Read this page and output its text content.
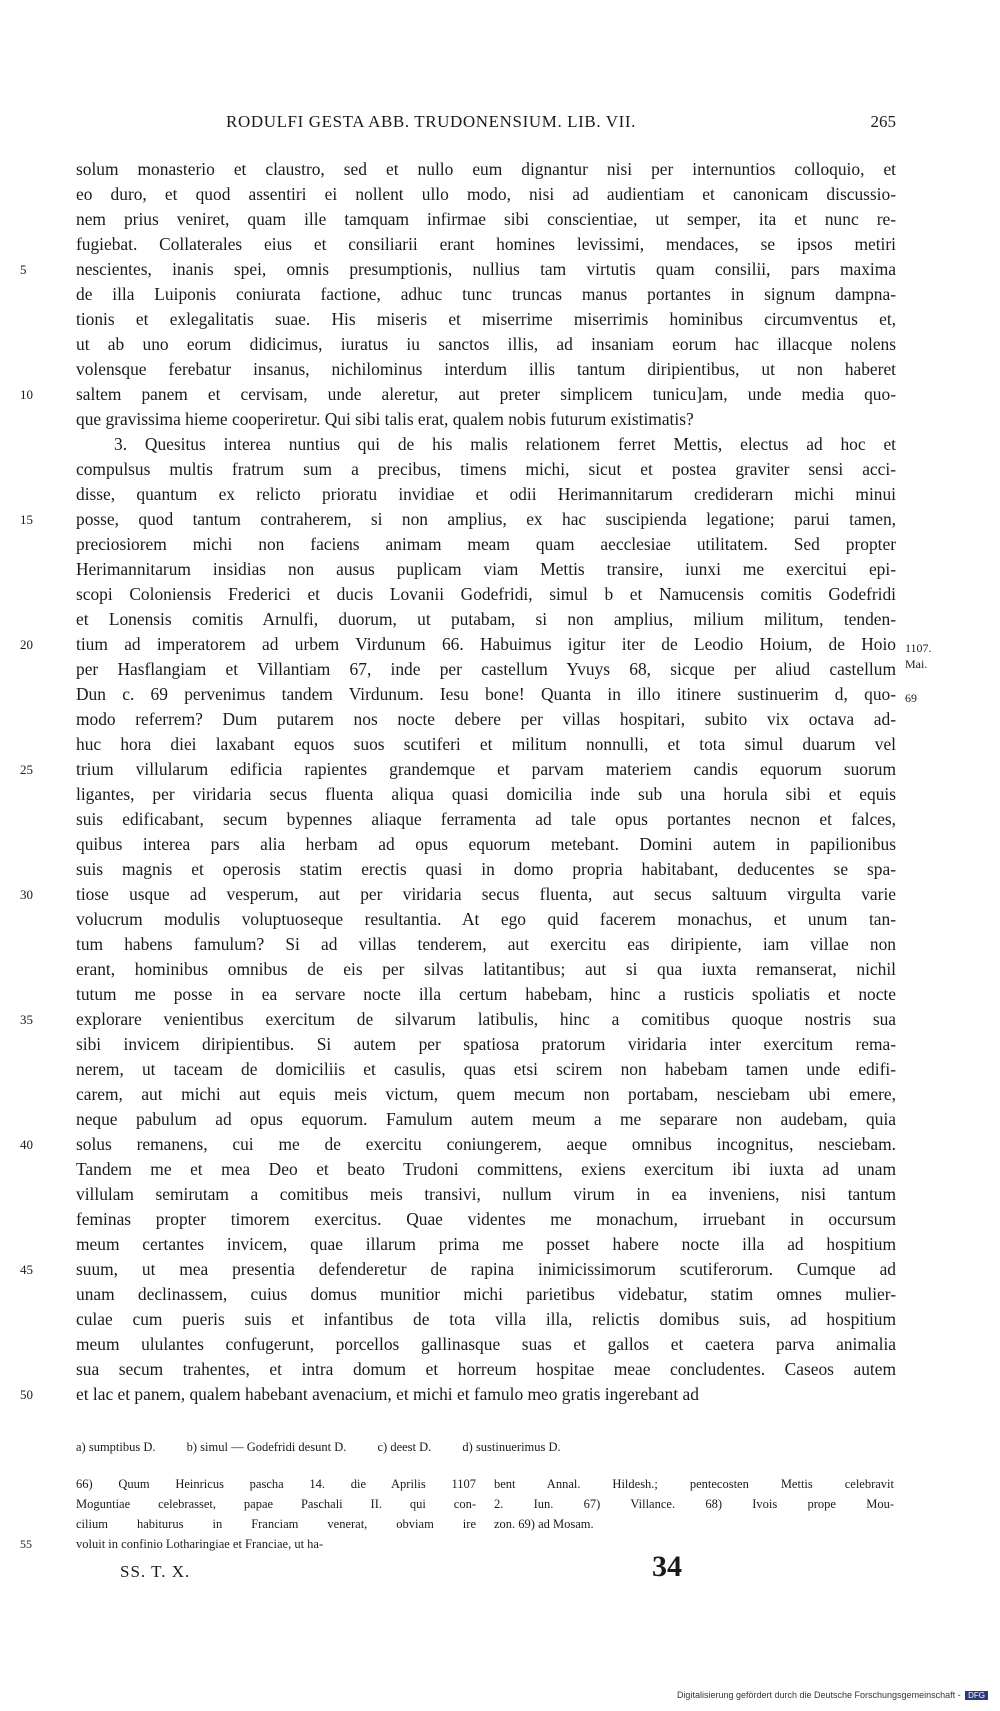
RODULFI GESTA ABB. TRUDONENSIUM. LIB. VII.	265
solum monasterio et claustro, sed et nullo eum dignantur nisi per internuntios colloquio, et
eo duro, et quod assentiri ei nollent ullo modo, nisi ad audientiam et canonicam discussio-
nem prius veniret, quam ille tamquam infirmae sibi conscientiae, ut semper, ita et nunc re-
fugiebat. Collaterales eius et consiliarii erant homines levissimi, mendaces, se ipsos metiri
5	nescientes, inanis spei, omnis presumptionis, nullius tam virtutis quam consilii, pars maxima
de illa Luiponis coniurata factione, adhuc tunc truncas manus portantes in signum dampna-
tionis et exlegalitatis suae. His miseris et miserrime miserrimis hominibus circumventus et,
ut ab uno eorum didicimus, iuratus iu sanctos illis, ad insaniam eorum hac illacque nolens
volensque ferebatur insanus, nichilominus interdum illis tantum diripientibus, ut non haberet
10	saltem panem et cervisam, unde aleretur, aut preter simplicem tunicu]am, unde media quo-
que gravissima hieme cooperiretur. Qui sibi talis erat, qualem nobis futurum existimatis?
3. Quesitus interea nuntius qui de his malis relationem ferret Mettis, electus ad hoc et
compulsus multis fratrum sum a precibus, timens michi, sicut et postea graviter sensi acci-
disse, quantum ex relicto prioratu invidiae et odii Herimannitarum crediderarn michi minui
15	posse, quod tantum contraherem, si non amplius, ex hac suscipienda legatione; parui tamen,
preciosiorem michi non faciens animam meam quam aecclesiae utilitatem. Sed propter
Herimannitarum insidias non ausus puplicam viam Mettis transire, iunxi me exercitui epi-
scopi Coloniensis Frederici et ducis Lovanii Godefridi, simul b et Namucensis comitis Godefridi
et Lonensis comitis Arnulfi, duorum, ut putabam, si non amplius, milium militum, tenden-
20	tium ad imperatorem ad urbem Virdunum 66. Habuimus igitur iter de Leodio Hoium, de Hoio
per Hasflangiam et Villantiam 67, inde per castellum Yvuys 68, sicque per aliud castellum
Dun c. 69 pervenimus tandem Virdunum. Iesu bone! Quanta in illo itinere sustinuerim d, quo-
modo referrem? Dum putarem nos nocte debere per villas hospitari, subito vix octava ad-
huc hora diei laxabant equos suos scutiferi et militum nonnulli, et tota simul duarum vel
25	trium villularum edificia rapientes grandemque et parvam materiem candis equorum suorum
ligantes, per viridaria secus fluenta aliqua quasi domicilia inde sub una horula sibi et equis
suis edificabant, secum bypennes aliaque ferramenta ad tale opus portantes necnon et falces,
quibus interea pars alia herbam ad opus equorum metebant. Domini autem in papilionibus
suis magnis et operosis statim erectis quasi in domo propria habitabant, deducentes se spa-
30	tiose usque ad vesperum, aut per viridaria secus fluenta, aut secus saltuum virgulta varie
volucrum modulis voluptuoseque resultantia. At ego quid facerem monachus, et unum tan-
tum habens famulum? Si ad villas tenderem, aut exercitu eas diripiente, iam villae non
erant, hominibus omnibus de eis per silvas latitantibus; aut si qua iuxta remanserat, nichil
tutum me posse in ea servare nocte illa certum habebam, hinc a rusticis spoliatis et nocte
35	explorare venientibus exercitum de silvarum latibulis, hinc a comitibus quoque nostris sua
sibi invicem diripientibus. Si autem per spatiosa pratorum viridaria inter exercitum rema-
nerem, ut taceam de domiciliis et casulis, quas etsi scirem non habebam tamen unde edifi-
carem, aut michi aut equis meis victum, quem mecum non portabam, nesciebam ubi emere,
neque pabulum ad opus equorum. Famulum autem meum a me separare non audebam, quia
40	solus remanens, cui me de exercitu coniungerem, aeque omnibus incognitus, nesciebam.
Tandem me et mea Deo et beato Trudoni committens, exiens exercitum ibi iuxta ad unam
villulam semirutam a comitibus meis transivi, nullum virum in ea inveniens, nisi tantum
feminas propter timorem exercitus. Quae videntes me monachum, irruebant in occursum
meum certantes invicem, quae illarum prima me posset habere nocte illa ad hospitium
45	suum, ut mea presentia defenderetur de rapina inimicissimorum scutiferorum. Cumque ad
unam declinassem, cuius domus munitior michi parietibus videbatur, statim omnes mulier-
culae cum pueris suis et infantibus de tota villa illa, relictis domibus suis, ad hospitium
meum ululantes confugerunt, porcellos gallinasque suas et gallos et caetera parva animalia
sua secum trahentes, et intra domum et horreum hospitae meae concludentes. Caseos autem
50	et lac et panem, qualem habebant avenacium, et michi et famulo meo gratis ingerebant ad
1107.
Mai.
69
a) sumptibus D. b) simul — Godefridi desunt D. c) deest D. d) sustinuerimus D.
66) Quum Heinricus pascha 14. die Aprilis 1107
Moguntiae celebrasset, papae Paschali II. qui con-
cilium habiturus in Franciam venerat, obviam ire
55	voluit in confinio Lotharingiae et Franciae, ut ha-
bent Annal. Hildesh.; pentecosten Mettis celebravit
2. Iun. 67) Villance. 68) Ivois prope Mou-
zon. 69) ad Mosam.
SS. T. X.	34
Digitalisierung gefördert durch die Deutsche Forschungsgemeinschaft - DFG
